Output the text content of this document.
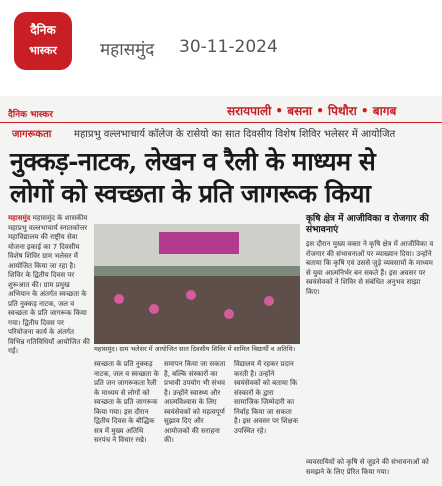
दैनिक
भास्कर	महासमुंद 30-11-2024
दैनिक भास्कर	सरायपाली • बसना • पिथौरा • बागब
जागरूकता महाप्रभु वल्लभाचार्य कॉलेज के रासेयो का सात दिवसीय विशेष शिविर भलेसर में आयोजित
नुक्कड़-नाटक, लेखन व रैली के माध्यम से
लोगों को स्वच्छता के प्रति जागरूक किया
महासमुंद महासमुंद के शासकीय महाप्रभु वल्लभाचार्य स्नातकोत्तर महाविद्यालय की राष्ट्रीय सेवा योजना इकाई का 7 दिवसीय विशेष शिविर ग्राम भलेसर में आयोजित किया जा रहा है। शिविर के द्वितीय दिवस पर शुरूआत की। ग्राम प्रमुख अभियान के अंतर्गत स्वच्छता के प्रति नुक्कड़ नाटक, जल व स्वच्छता के प्रति जागरूक किया गया। द्वितीय दिवस पर परियोजना कार्य के अंतर्गत विभिन्न गतिविधियाँ आयोजित की गईं।	महासमुंद। ग्राम भलेसर में आयोजित सात दिवसीय शिविर में शामिल विद्यार्थी व अतिथि।
स्वच्छता के प्रति नुक्कड़ नाटक, जल व स्वच्छता के प्रति जन जागरूकता रैली के माध्यम से लोगों को स्वच्छता के प्रति जागरूक किया गया। इस दौरान द्वितीय दिवस के बौद्धिक सत्र में मुख्य अतिथि सरपंच ने विचार रखे।
समापन किया जा सकता है, बल्कि संस्कारों का प्रभावी उपयोग भी संभव है। उन्होंने स्वास्थ्य और आत्मविश्वास के लिए स्वयंसेवकों को महत्वपूर्ण सुझाव दिए और आयोजकों की सराहना की।
विद्यालय में रहकर प्रदान करती है। उन्होंने स्वयंसेवकों को बताया कि संस्कारों के द्वारा सामाजिक जिम्मेदारी का निर्वाह किया जा सकता है। इस अवसर पर शिक्षक उपस्थित रहे।
कृषि क्षेत्र में आजीविका व रोजगार की संभावनाएं
इस दौरान मुख्य वक्ता ने कृषि क्षेत्र में आजीविका व रोजगार की संभावनाओं पर व्याख्यान दिया। उन्होंने बताया कि कृषि एवं उससे जुड़े व्यवसायों के माध्यम से युवा आत्मनिर्भर बन सकते हैं। इस अवसर पर स्वयंसेवकों ने शिविर से संबंधित अनुभव साझा किए।
व्यवसायियों को कृषि से जुड़ने की संभावनाओं को समझने के लिए प्रेरित किया गया।
